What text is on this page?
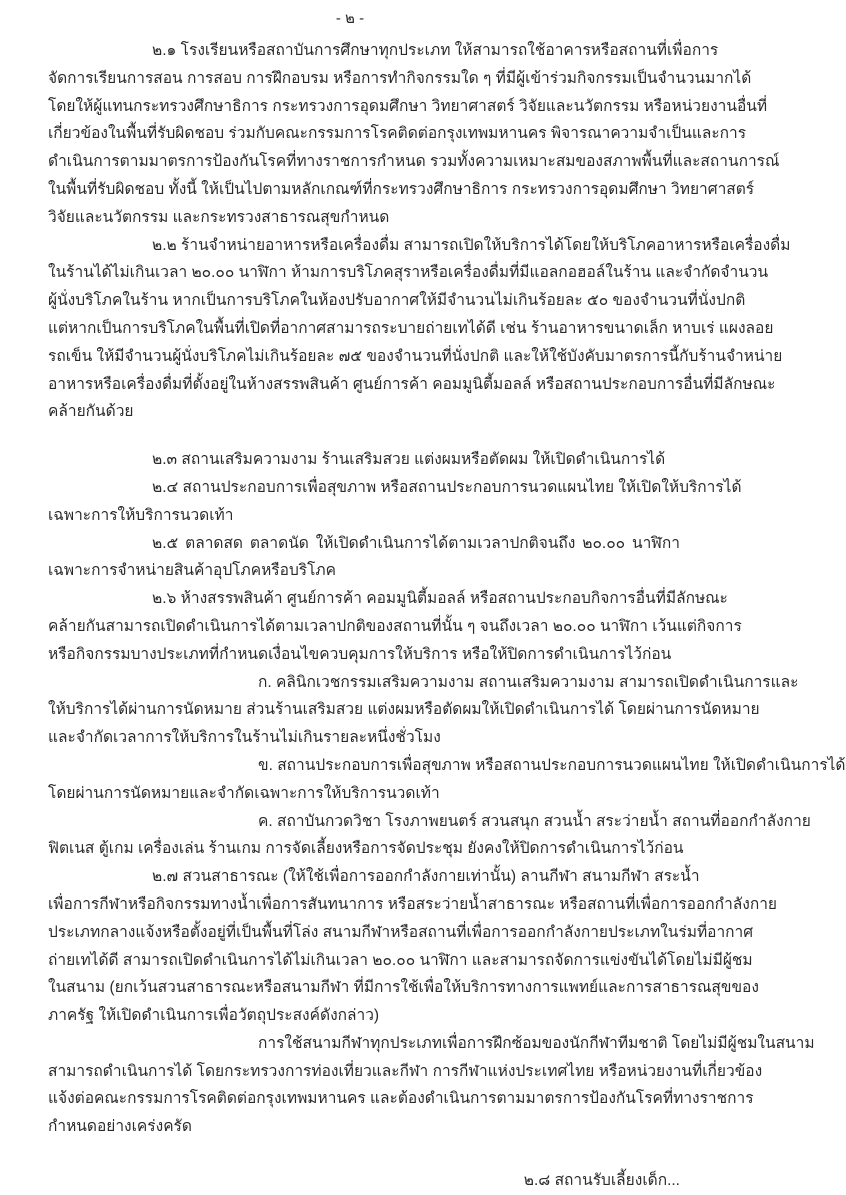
- ๒ -
๒.๑ โรงเรียนหรือสถาบันการศึกษาทุกประเภท ให้สามารถใช้อาคารหรือสถานที่เพื่อการ
จัดการเรียนการสอน การสอบ การฝึกอบรม หรือการทำกิจกรรมใด ๆ ที่มีผู้เข้าร่วมกิจกรรมเป็นจำนวนมากได้
โดยให้ผู้แทนกระทรวงศึกษาธิการ กระทรวงการอุดมศึกษา วิทยาศาสตร์ วิจัยและนวัตกรรม หรือหน่วยงานอื่นที่
เกี่ยวข้องในพื้นที่รับผิดชอบ ร่วมกับคณะกรรมการโรคติดต่อกรุงเทพมหานคร พิจารณาความจำเป็นและการ
ดำเนินการตามมาตรการป้องกันโรคที่ทางราชการกำหนด รวมทั้งความเหมาะสมของสภาพพื้นที่และสถานการณ์
ในพื้นที่รับผิดชอบ ทั้งนี้ ให้เป็นไปตามหลักเกณฑ์ที่กระทรวงศึกษาธิการ กระทรวงการอุดมศึกษา วิทยาศาสตร์
วิจัยและนวัตกรรม และกระทรวงสาธารณสุขกำหนด
๒.๒ ร้านจำหน่ายอาหารหรือเครื่องดื่ม สามารถเปิดให้บริการได้โดยให้บริโภคอาหารหรือเครื่องดื่ม
ในร้านได้ไม่เกินเวลา ๒๐.๐๐ นาฬิกา ห้ามการบริโภคสุราหรือเครื่องดื่มที่มีแอลกอฮอล์ในร้าน และจำกัดจำนวน
ผู้นั่งบริโภคในร้าน หากเป็นการบริโภคในห้องปรับอากาศให้มีจำนวนไม่เกินร้อยละ ๕๐ ของจำนวนที่นั่งปกติ
แต่หากเป็นการบริโภคในพื้นที่เปิดที่อากาศสามารถระบายถ่ายเทได้ดี เช่น ร้านอาหารขนาดเล็ก หาบเร่ แผงลอย
รถเข็น ให้มีจำนวนผู้นั่งบริโภคไม่เกินร้อยละ ๗๕ ของจำนวนที่นั่งปกติ และให้ใช้บังคับมาตรการนี้กับร้านจำหน่าย
อาหารหรือเครื่องดื่มที่ตั้งอยู่ในห้างสรรพสินค้า ศูนย์การค้า คอมมูนิตี้มอลล์ หรือสถานประกอบการอื่นที่มีลักษณะ
คล้ายกันด้วย
๒.๓ สถานเสริมความงาม ร้านเสริมสวย แต่งผมหรือตัดผม ให้เปิดดำเนินการได้
๒.๔ สถานประกอบการเพื่อสุขภาพ หรือสถานประกอบการนวดแผนไทย ให้เปิดให้บริการได้
เฉพาะการให้บริการนวดเท้า
๒.๕ ตลาดสด ตลาดนัด ให้เปิดดำเนินการได้ตามเวลาปกติจนถึง ๒๐.๐๐ นาฬิกา
เฉพาะการจำหน่ายสินค้าอุปโภคหรือบริโภค
๒.๖ ห้างสรรพสินค้า ศูนย์การค้า คอมมูนิตี้มอลล์ หรือสถานประกอบกิจการอื่นที่มีลักษณะ
คล้ายกันสามารถเปิดดำเนินการได้ตามเวลาปกติของสถานที่นั้น ๆ จนถึงเวลา ๒๐.๐๐ นาฬิกา เว้นแต่กิจการ
หรือกิจกรรมบางประเภทที่กำหนดเงื่อนไขควบคุมการให้บริการ หรือให้ปิดการดำเนินการไว้ก่อน
ก. คลินิกเวชกรรมเสริมความงาม สถานเสริมความงาม สามารถเปิดดำเนินการและ
ให้บริการได้ผ่านการนัดหมาย ส่วนร้านเสริมสวย แต่งผมหรือตัดผมให้เปิดดำเนินการได้ โดยผ่านการนัดหมาย
และจำกัดเวลาการให้บริการในร้านไม่เกินรายละหนึ่งชั่วโมง
ข. สถานประกอบการเพื่อสุขภาพ หรือสถานประกอบการนวดแผนไทย ให้เปิดดำเนินการได้
โดยผ่านการนัดหมายและจำกัดเฉพาะการให้บริการนวดเท้า
ค. สถาบันกวดวิชา โรงภาพยนตร์ สวนสนุก สวนน้ำ สระว่ายน้ำ สถานที่ออกกำลังกาย
ฟิตเนส ตู้เกม เครื่องเล่น ร้านเกม การจัดเลี้ยงหรือการจัดประชุม ยังคงให้ปิดการดำเนินการไว้ก่อน
๒.๗ สวนสาธารณะ (ให้ใช้เพื่อการออกกำลังกายเท่านั้น) ลานกีฬา สนามกีฬา สระน้ำ
เพื่อการกีฬาหรือกิจกรรมทางน้ำเพื่อการสันทนาการ หรือสระว่ายน้ำสาธารณะ หรือสถานที่เพื่อการออกกำลังกาย
ประเภทกลางแจ้งหรือตั้งอยู่ที่เป็นพื้นที่โล่ง สนามกีฬาหรือสถานที่เพื่อการออกกำลังกายประเภทในร่มที่อากาศ
ถ่ายเทได้ดี สามารถเปิดดำเนินการได้ไม่เกินเวลา ๒๐.๐๐ นาฬิกา และสามารถจัดการแข่งขันได้โดยไม่มีผู้ชม
ในสนาม (ยกเว้นสวนสาธารณะหรือสนามกีฬา ที่มีการใช้เพื่อให้บริการทางการแพทย์และการสาธารณสุขของ
ภาครัฐ ให้เปิดดำเนินการเพื่อวัตถุประสงค์ดังกล่าว)
การใช้สนามกีฬาทุกประเภทเพื่อการฝึกซ้อมของนักกีฬาทีมชาติ โดยไม่มีผู้ชมในสนาม
สามารถดำเนินการได้ โดยกระทรวงการท่องเที่ยวและกีฬา การกีฬาแห่งประเทศไทย หรือหน่วยงานที่เกี่ยวข้อง
แจ้งต่อคณะกรรมการโรคติดต่อกรุงเทพมหานคร และต้องดำเนินการตามมาตรการป้องกันโรคที่ทางราชการ
กำหนดอย่างเคร่งครัด
๒.๘ สถานรับเลี้ยงเด็ก...
